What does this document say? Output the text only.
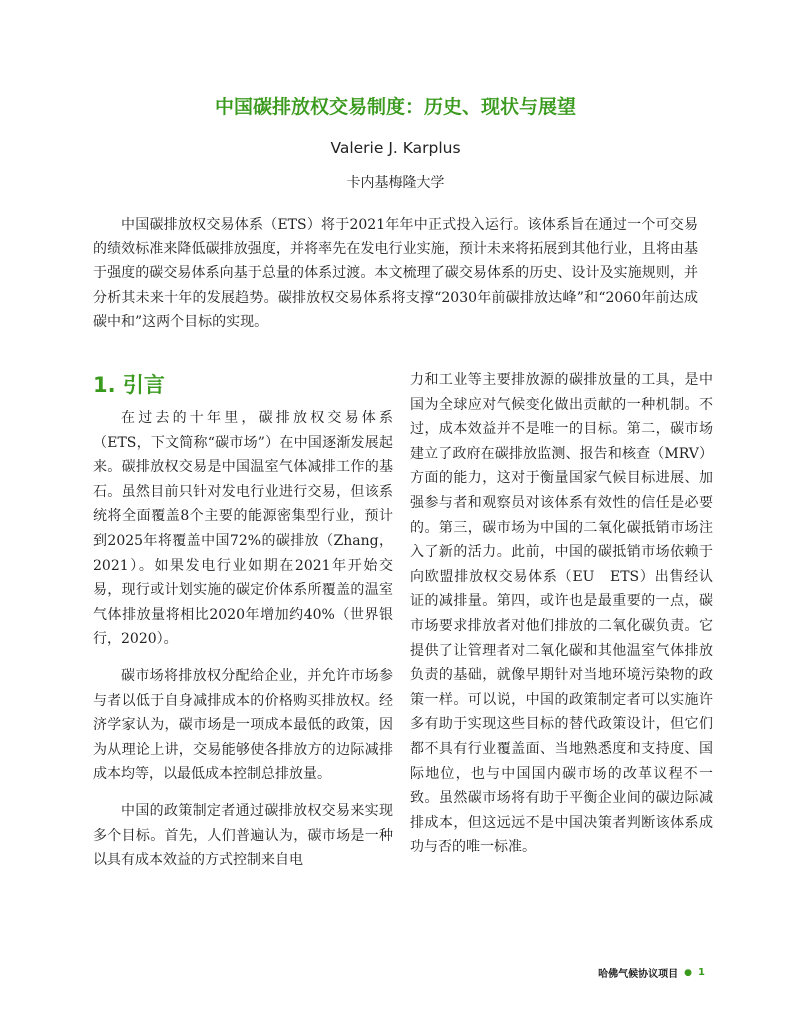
中国碳排放权交易制度：历史、现状与展望
Valerie J. Karplus
卡内基梅隆大学

中国碳排放权交易体系（ETS）将于2021年年中正式投入运行。该体系旨在通过一个可交易的绩效标准来降低碳排放强度，并将率先在发电行业实施，预计未来将拓展到其他行业，且将由基于强度的碳交易体系向基于总量的体系过渡。本文梳理了碳交易体系的历史、设计及实施规则，并分析其未来十年的发展趋势。碳排放权交易体系将支撑“2030年前碳排放达峰”和“2060年前达成碳中和”这两个目标的实现。

1. 引言

在过去的十年里，碳排放权交易体系（ETS，下文简称“碳市场”）在中国逐渐发展起来。碳排放权交易是中国温室气体减排工作的基石。虽然目前只针对发电行业进行交易，但该系统将全面覆盖8个主要的能源密集型行业，预计到2025年将覆盖中国72%的碳排放（Zhang，2021）。如果发电行业如期在2021年开始交易，现行或计划实施的碳定价体系所覆盖的温室气体排放量将相比2020年增加约40%（世界银行，2020）。

碳市场将排放权分配给企业，并允许市场参与者以低于自身减排成本的价格购买排放权。经济学家认为，碳市场是一项成本最低的政策，因为从理论上讲，交易能够使各排放方的边际减排成本均等，以最低成本控制总排放量。

中国的政策制定者通过碳排放权交易来实现多个目标。首先，人们普遍认为，碳市场是一种以具有成本效益的方式控制来自电

力和工业等主要排放源的碳排放量的工具，是中国为全球应对气候变化做出贡献的一种机制。不过，成本效益并不是唯一的目标。第二，碳市场建立了政府在碳排放监测、报告和核查（MRV）方面的能力，这对于衡量国家气候目标进展、加强参与者和观察员对该体系有效性的信任是必要的。第三，碳市场为中国的二氧化碳抵销市场注入了新的活力。此前，中国的碳抵销市场依赖于向欧盟排放权交易体系（EU　ETS）出售经认证的减排量。第四，或许也是最重要的一点，碳市场要求排放者对他们排放的二氧化碳负责。它提供了让管理者对二氧化碳和其他温室气体排放负责的基础，就像早期针对当地环境污染物的政策一样。可以说，中国的政策制定者可以实施许多有助于实现这些目标的替代政策设计，但它们都不具有行业覆盖面、当地熟悉度和支持度、国际地位，也与中国国内碳市场的改革议程不一致。虽然碳市场将有助于平衡企业间的碳边际减排成本，但这远远不是中国决策者判断该体系成功与否的唯一标准。

哈佛气候协议项目 ● 1
